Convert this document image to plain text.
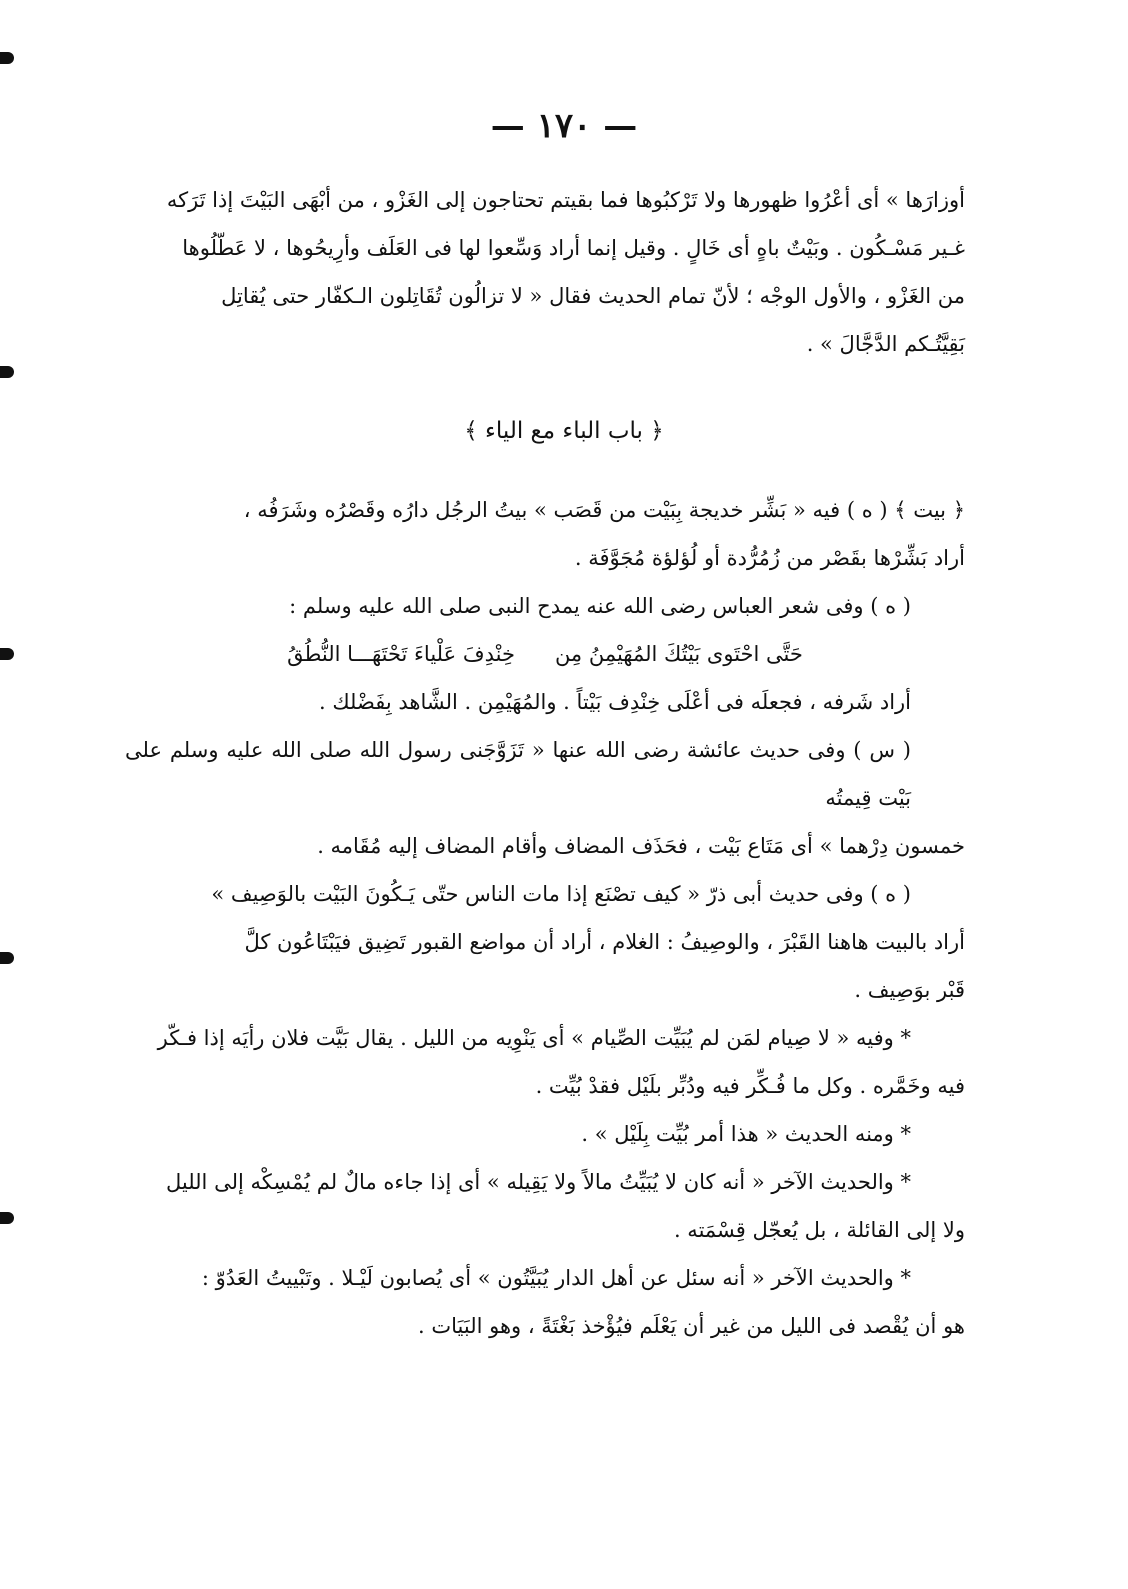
— ١٧٠ —

أوزارَها » أى أعْرُوا ظهورها ولا تَرْكبُوها فما بقيتم تحتاجون إلى الغَزْو ، من أبْهَى البَيْتَ إذا تَرَكه

غـير مَسْـكُون . وبَيْتٌ باهٍ أى خَالٍ . وقيل إنما أراد وَسِّعوا لها فى العَلَف وأرِيحُوها ، لا عَطّلُوها

من الغَزْو ، والأول الوجْه ؛ لأنّ تمام الحديث فقال « لا تزالُون تُقَاتِلون الـكفّار حتى يُقاتِل

بَقِيَّتُـكم الدَّجَّالَ » .

﴿ باب الباء مع الياء ﴾

﴿ بيت ﴾ ( ه ) فيه « بَشِّر خديجة بِبَيْت من قَصَب » بيتُ الرجُل دارُه وقَصْرُه وشَرَفُه ،

أراد بَشِّرْها بقَصْر من زُمُرُّدة أو لُؤلؤة مُجَوَّفَة .

( ه ) وفى شعر العباس رضى الله عنه يمدح النبى صلى الله عليه وسلم :

حَتَّى احْتَوى بَيْتُكَ المُهَيْمِنُ مِن
خِنْدِفَ عَلْياءَ تَحْتَهَـــا النُّطُقُ

أراد شَرفه ، فجعلَه فى أعْلَى خِنْدِف بَيْتاً . والمُهَيْمِن . الشَّاهد بِفَضْلك .

( س ) وفى حديث عائشة رضى الله عنها « تَزَوَّجَنى رسول الله صلى الله عليه وسلم على بَيْت قِيمتُه

خمسون دِرْهما » أى مَتَاع بَيْت ، فحَذَف المضاف وأقام المضاف إليه مُقَامه .

( ه ) وفى حديث أبى ذرّ « كيف تصْنَع إذا مات الناس حتّى يَـكُونَ البَيْت بالوَصِيف »

أراد بالبيت هاهنا القَبْرَ ، والوصِيفُ : الغلام ، أراد أن مواضع القبور تَضِيق فيَبْتَاعُون كلَّ

قَبْر بوَصِيف .

* وفيه « لا صِيام لمَن لم يُبَيِّت الصِّيام » أى يَنْوِيه من الليل . يقال بَيَّت فلان رأيَه إذا فـكّر

فيه وخَمَّره . وكل ما فُـكِّر فيه ودُبِّر بلَيْل فقدْ بُيِّت .

* ومنه الحديث « هذا أمر بُيِّت بِلَيْل » .

* والحديث الآخر « أنه كان لا يُبَيِّتُ مالاً ولا يَقِيله » أى إذا جاءه مالٌ لم يُمْسِكْه إلى الليل

ولا إلى القائلة ، بل يُعجّل قِسْمَته .

* والحديث الآخر « أنه سئل عن أهل الدار يُبَيَّتُون » أى يُصابون لَيْـلا . وتَبْييتُ العَدُوّ :

هو أن يُقْصد فى الليل من غير أن يَعْلَم فيُؤْخذ بَغْتَةً ، وهو البَيَات .
